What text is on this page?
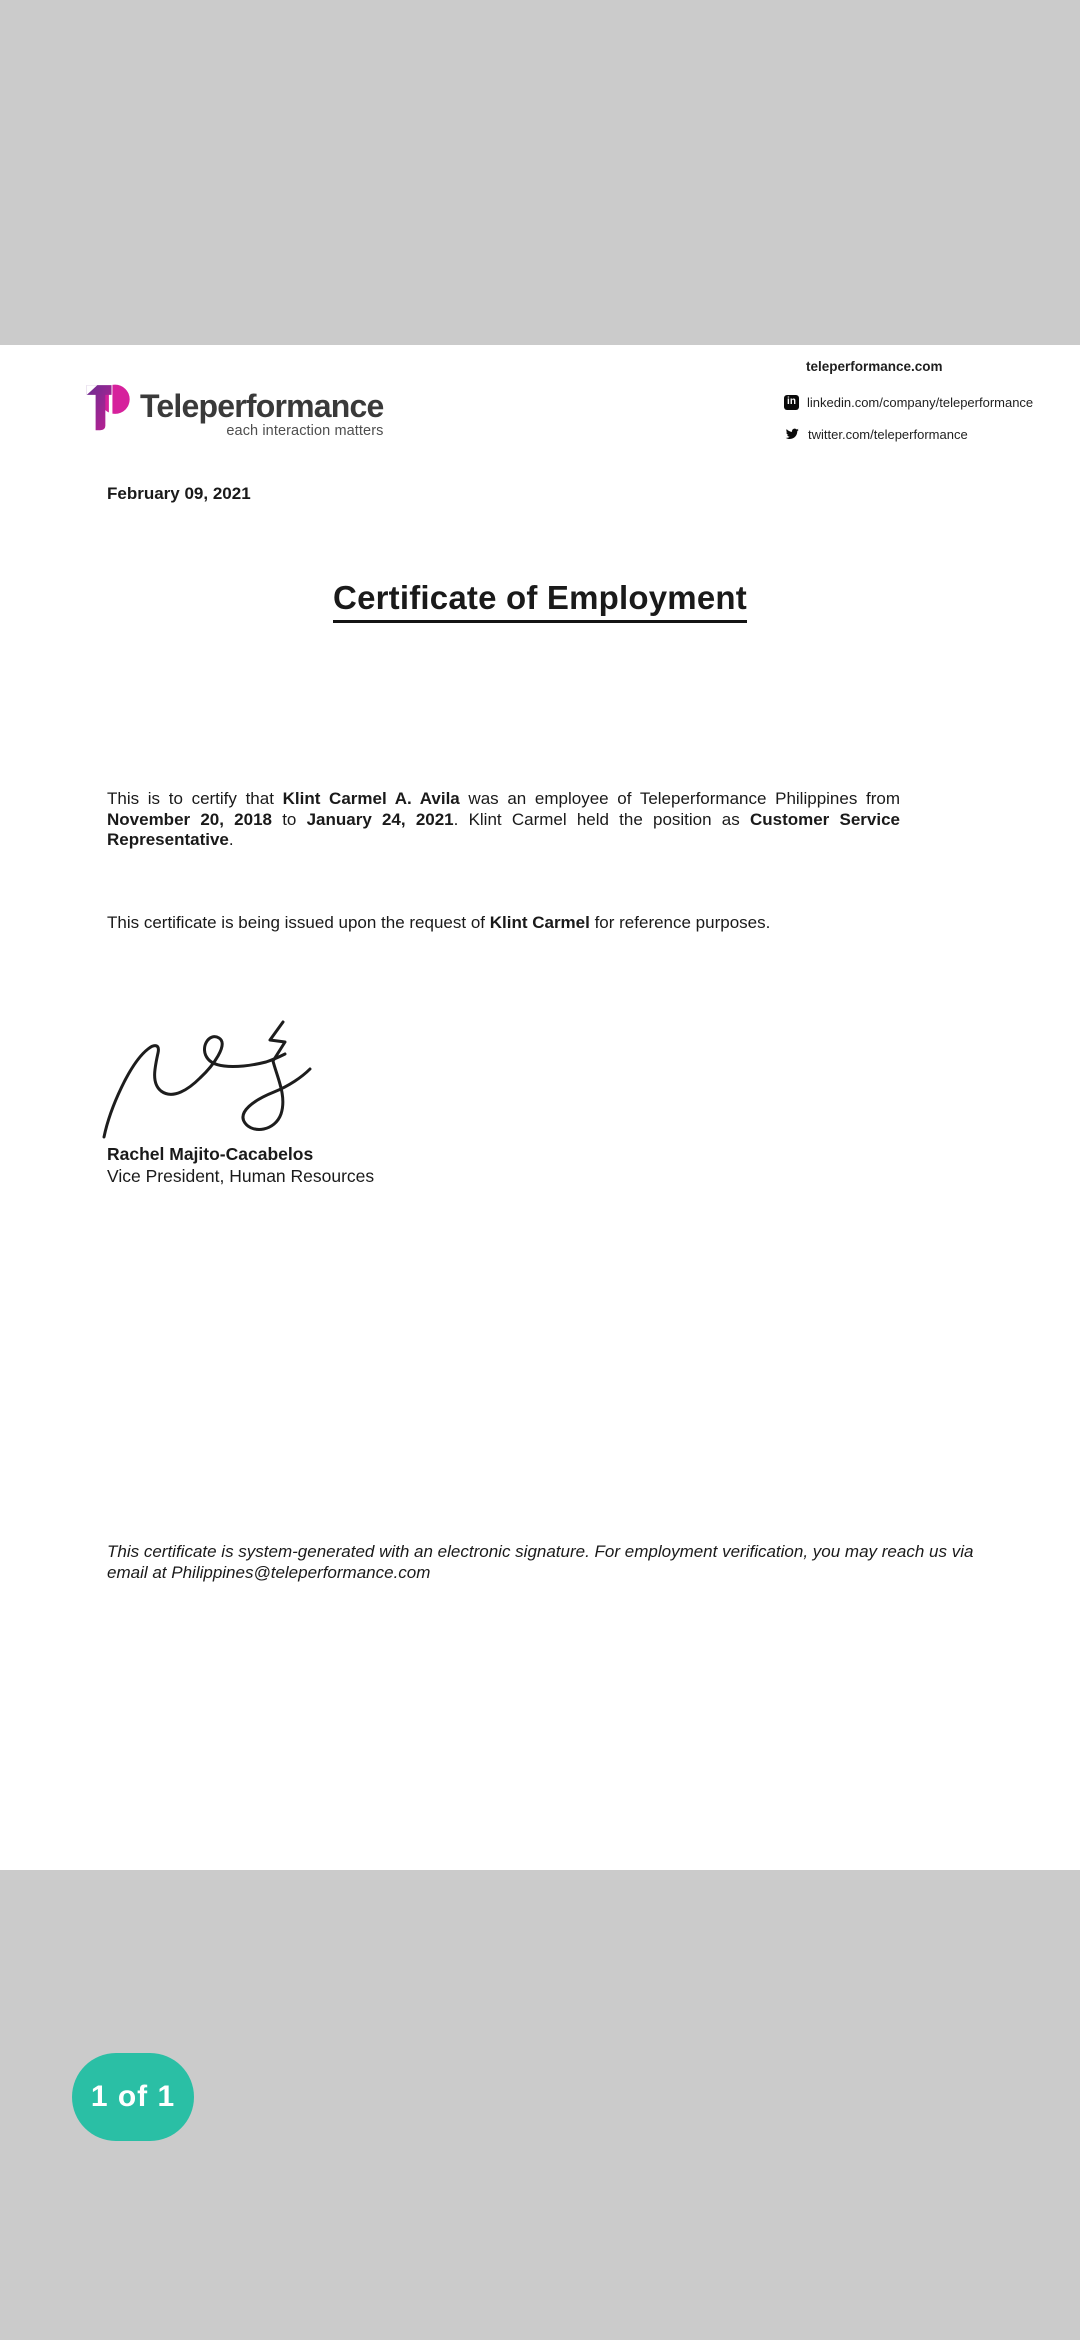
Teleperformance
each interaction matters
teleperformance.com
in linkedin.com/company/teleperformance
twitter.com/teleperformance
February 09, 2021
Certificate of Employment

This is to certify that Klint Carmel A. Avila was an employee of Teleperformance Philippines from November 20, 2018 to January 24, 2021. Klint Carmel held the position as Customer Service Representative.

This certificate is being issued upon the request of Klint Carmel for reference purposes.

Rachel Majito-Cacabelos
Vice President, Human Resources

This certificate is system-generated with an electronic signature. For employment verification, you may reach us via email at Philippines@teleperformance.com

1 of 1
